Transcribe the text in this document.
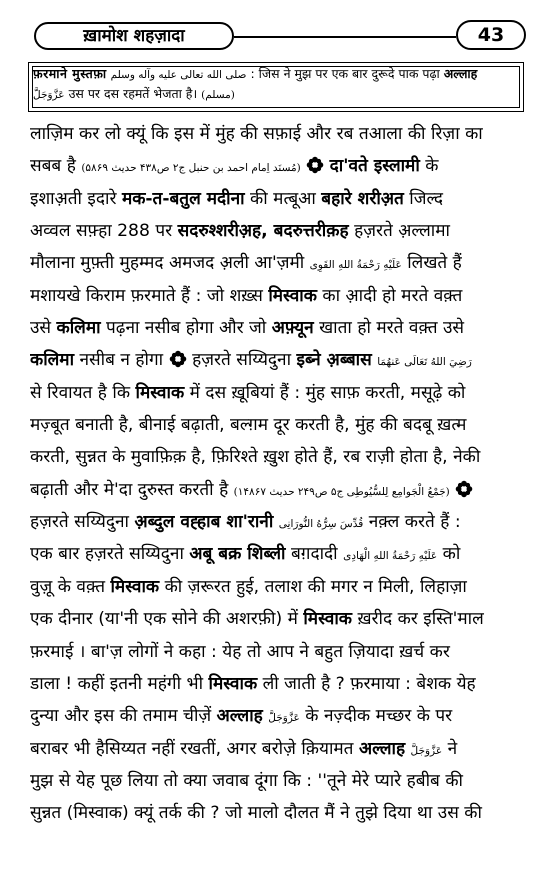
ख़ामोश शहज़ादा	43
फ़रमाने मुस्तफ़ा صلى الله تعالى عليه وآله وسلم : जिस ने मुझ पर एक बार दुरूदे पाक पढ़ा अल्लाह
عَزَّوَجَلَّ उस पर दस रहमतें भेजता है। (مسلم)
लाज़िम कर लो क्यूं कि इस में मुंह की सफ़ाई और रब तआला की रिज़ा का
सबब है (مُسنَد اِمام احمد بن حنبل ج۲ ص۴۳۸ حديث ۵۸۶۹) दा'वते इस्लामी के
इशाअ़ती इदारे मक-त-बतुल मदीना की मत्बूआ बहारे शरीअ़त जिल्द
अव्वल सफ़्हा 288 पर सदरुश्शरीअ़ह, बदरुत्तरीक़ह हज़रते अ़ल्लामा
मौलाना मुफ़्ती मुहम्मद अमजद अ़ली आ'ज़मी عَلَيْهِ رَحْمَةُ اللهِ القَوِى लिखते हैं
मशायखे किराम फ़रमाते हैं : जो शख़्स मिस्वाक का आ़दी हो मरते वक़्त
उसे कलिमा पढ़ना नसीब होगा और जो अफ़्यून खाता हो मरते वक़्त उसे
कलिमा नसीब न होगा हज़रते सय्यिदुना इब्ने अ़ब्बास رَضِيَ اللهُ تَعَالَى عَنهُمَا
से रिवायत है कि मिस्वाक में दस ख़ूबियां हैं : मुंह साफ़ करती, मसूढ़े को
मज़्बूत बनाती है, बीनाई बढ़ाती, बल्ग़म दूर करती है, मुंह की बदबू ख़त्म
करती, सुन्नत के मुवाफ़िक़ है, फ़िरिश्ते ख़ुश होते हैं, रब राज़ी होता है, नेकी
बढ़ाती और मे'दा दुरुस्त करती है (جَمْعُ الْجَوامِع لِلسُّيُوطِى ج۵ ص۲۴۹ حديث ۱۴۸۶۷)
हज़रते सय्यिदुना अ़ब्दुल वह्हाब शा'रानी قُدِّسَ سِرُّهُ النُّورَانِى नक़्ल करते हैं :
एक बार हज़रते सय्यिदुना अबू बक्र शिब्ली बग़दादी عَلَيْهِ رَحْمَةُ اللهِ الْهَادِى को
वुज़ू के वक़्त मिस्वाक की ज़रूरत हुई, तलाश की मगर न मिली, लिहाज़ा
एक दीनार (या'नी एक सोने की अशरफ़ी) में मिस्वाक ख़रीद कर इस्ति'माल
फ़रमाई । बा'ज़ लोगों ने कहा : येह तो आप ने बहुत ज़ियादा ख़र्च कर
डाला ! कहीं इतनी महंगी भी मिस्वाक ली जाती है ? फ़रमाया : बेशक येह
दुन्या और इस की तमाम चीज़ें अल्लाह عَزَّوَجَلَّ के नज़्दीक मच्छर के पर
बराबर भी हैसिय्यत नहीं रखतीं, अगर बरोज़े क़ियामत अल्लाह عَزَّوَجَلَّ ने
मुझ से येह पूछ लिया तो क्या जवाब दूंगा कि : ''तूने मेरे प्यारे हबीब की
सुन्नत (मिस्वाक) क्यूं तर्क की ? जो मालो दौलत मैं ने तुझे दिया था उस की
